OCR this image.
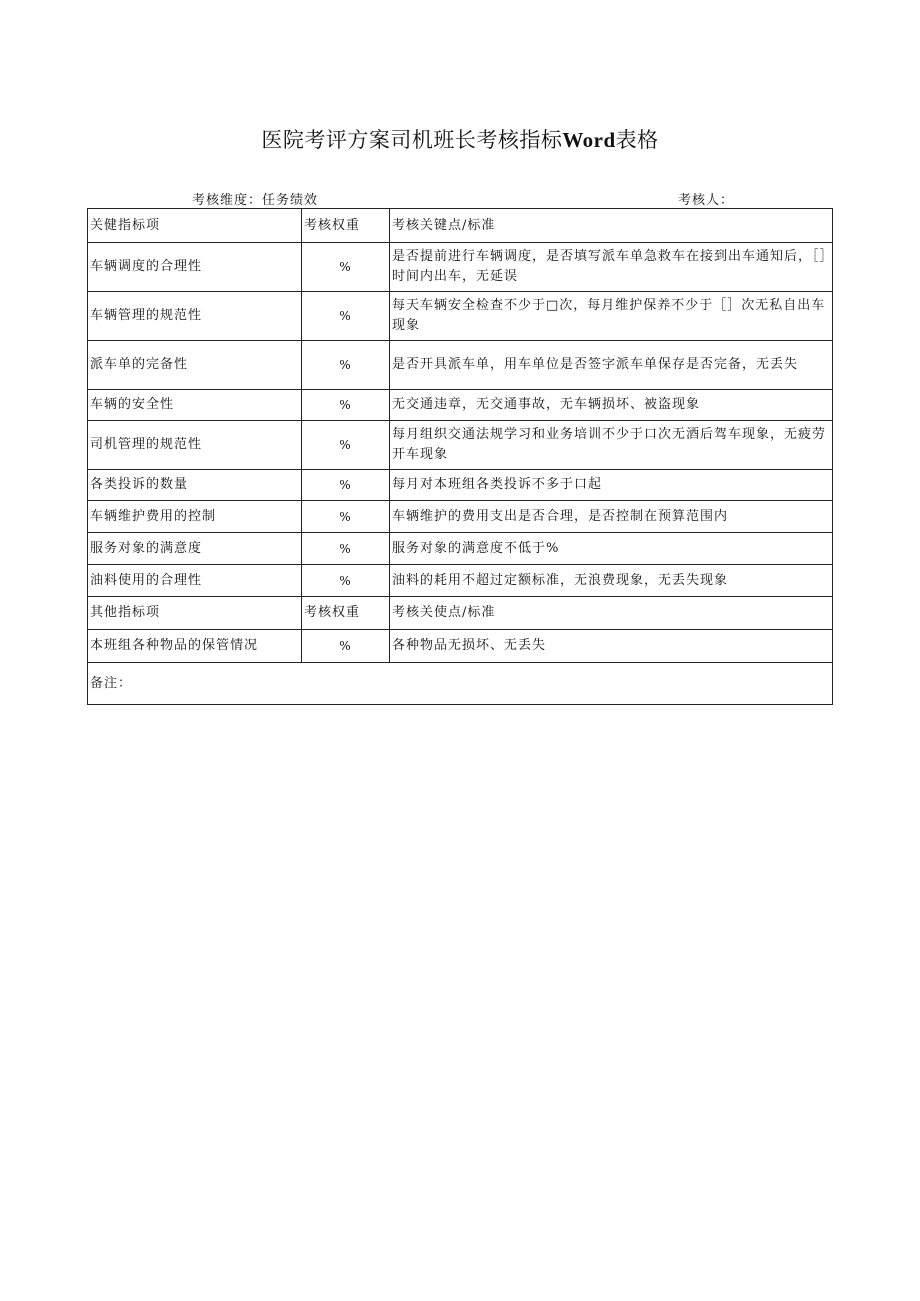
医院考评方案司机班长考核指标Word表格
考核维度：任务绩效	考核人：
关健指标项	考核权重	考核关键点/标准
车辆调度的合理性	%	是否提前进行车辆调度，是否填写派车单急救车在接到出车通知后，［］时间内出车，无延误
车辆管理的规范性	%	每天车辆安全检查不少于□次，每月维护保养不少于［］次无私自出车现象
派车单的完备性	%	是否开具派车单，用车单位是否签字派车单保存是否完备，无丢失
车辆的安全性	%	无交通违章，无交通事故，无车辆损坏、被盗现象
司机管理的规范性	%	每月组织交通法规学习和业务培训不少于口次无酒后驾车现象，无疲劳开车现象
各类投诉的数量	%	每月对本班组各类投诉不多于口起
车辆维护费用的控制	%	车辆维护的费用支出是否合理，是否控制在预算范围内
服务对象的满意度	%	服务对象的满意度不低于%
油料使用的合理性	%	油料的耗用不超过定额标准，无浪费现象，无丢失现象
其他指标项	考核权重	考核关使点/标准
本班组各种物品的保管情况	%	各种物品无损坏、无丢失
备注：		
